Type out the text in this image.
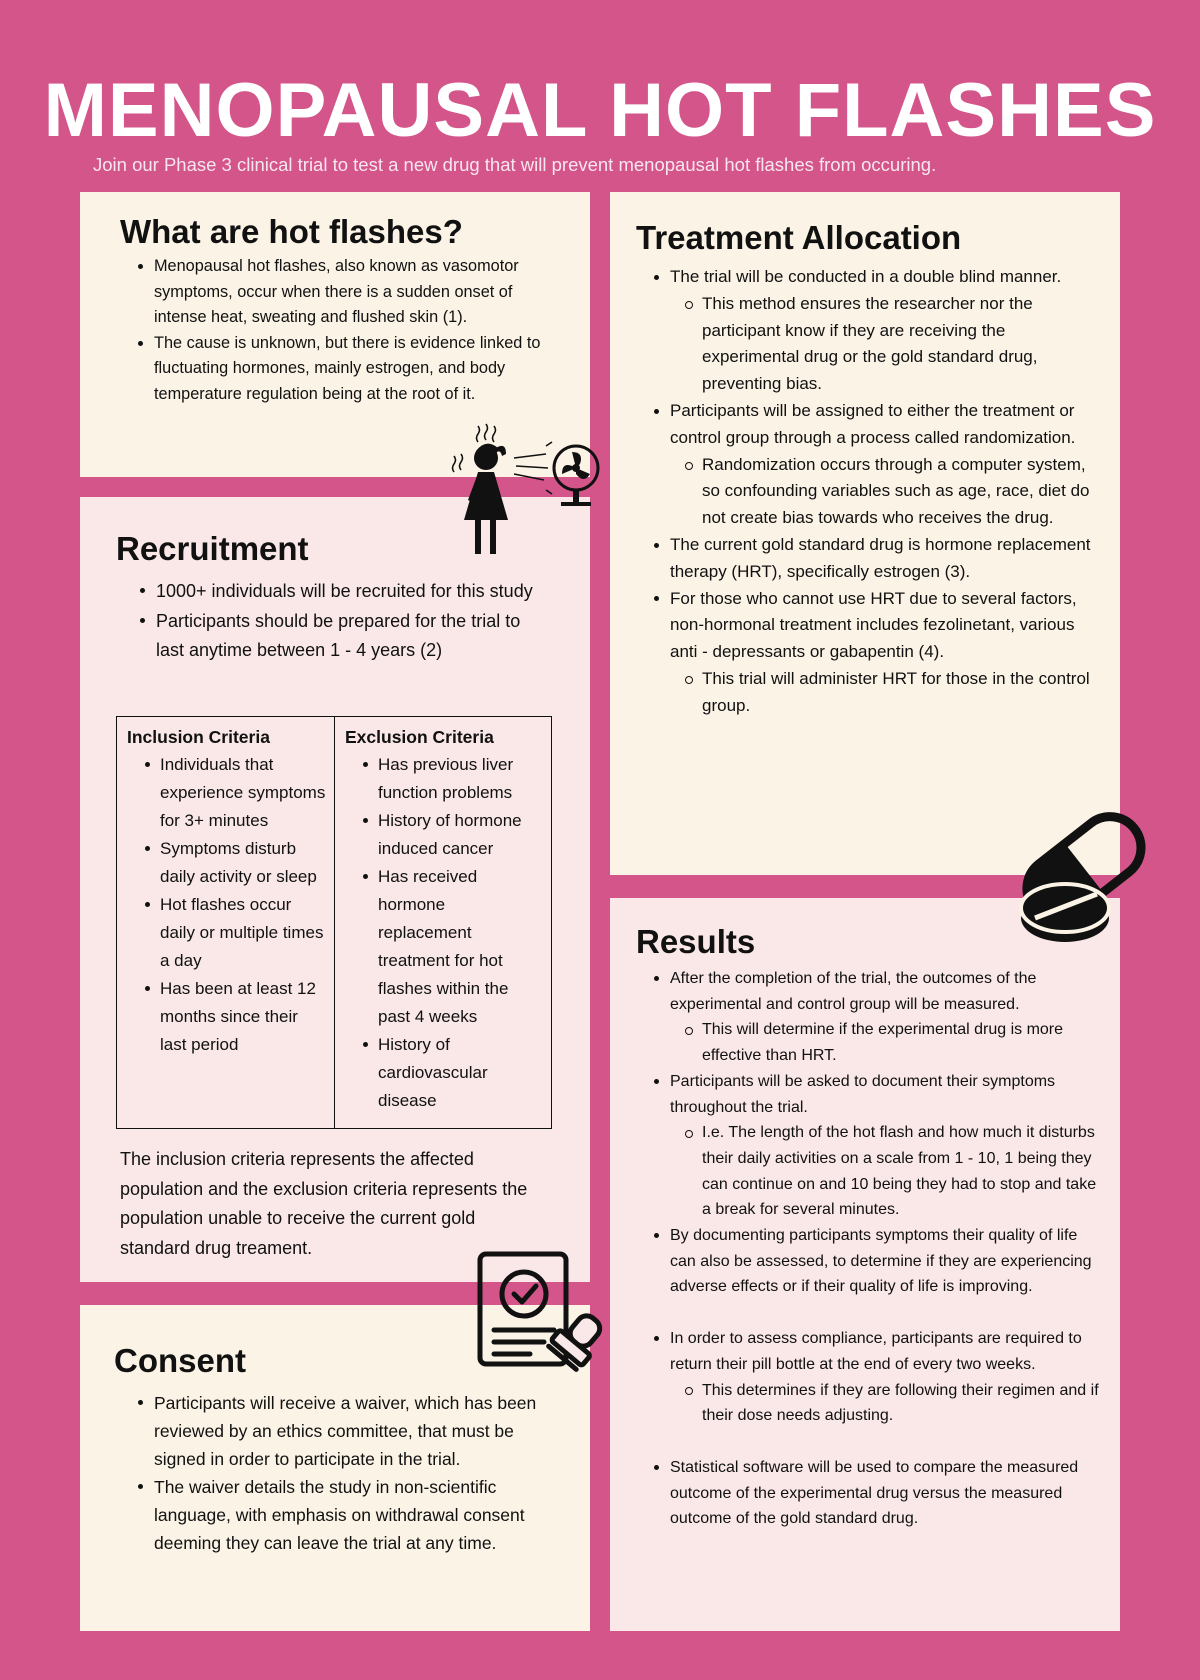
MENOPAUSAL HOT FLASHES
Join our Phase 3 clinical trial to test a new drug that will prevent menopausal hot flashes from occuring.
What are hot flashes?
Menopausal hot flashes, also known as vasomotor symptoms, occur when there is a sudden onset of intense heat, sweating and flushed skin (1).
The cause is unknown, but there is evidence linked to fluctuating hormones, mainly estrogen, and body temperature regulation being at the root of it.
Recruitment
1000+ individuals will be recruited for this study
Participants should be prepared for the trial to last anytime between 1 - 4 years (2)
Inclusion Criteria
Individuals that experience symptoms for 3+ minutes
Symptoms disturb daily activity or sleep
Hot flashes occur daily or multiple times a day
Has been at least 12 months since their last period
Exclusion Criteria
Has previous liver function problems
History of hormone induced cancer
Has received hormone replacement treatment for hot flashes within the past 4 weeks
History of cardiovascular disease

The inclusion criteria represents the affected population and the exclusion criteria represents the population unable to receive the current gold standard drug treament.

Consent
Participants will receive a waiver, which has been reviewed by an ethics committee, that must be signed in order to participate in the trial.
The waiver details the study in non-scientific language, with emphasis on withdrawal consent deeming they can leave the trial at any time.
Treatment Allocation
The trial will be conducted in a double blind manner.
This method ensures the researcher nor the participant know if they are receiving the experimental drug or the gold standard drug, preventing bias.
Participants will be assigned to either the treatment or control group through a process called randomization.
Randomization occurs through a computer system, so confounding variables such as age, race, diet do not create bias towards who receives the drug.
The current gold standard drug is hormone replacement therapy (HRT), specifically estrogen (3).
For those who cannot use HRT due to several factors, non-hormonal treatment includes fezolinetant, various anti - depressants or gabapentin (4).
This trial will administer HRT for those in the control group.
Results
After the completion of the trial, the outcomes of the experimental and control group will be measured.
This will determine if the experimental drug is more effective than HRT.
Participants will be asked to document their symptoms throughout the trial.
I.e. The length of the hot flash and how much it disturbs their daily activities on a scale from 1 - 10, 1 being they can continue on and 10 being they had to stop and take a break for several minutes.
By documenting participants symptoms their quality of life can also be assessed, to determine if they are experiencing adverse effects or if their quality of life is improving.
In order to assess compliance, participants are required to return their pill bottle at the end of every two weeks.
This determines if they are following their regimen and if their dose needs adjusting.
Statistical software will be used to compare the measured outcome of the experimental drug versus the measured outcome of the gold standard drug.
